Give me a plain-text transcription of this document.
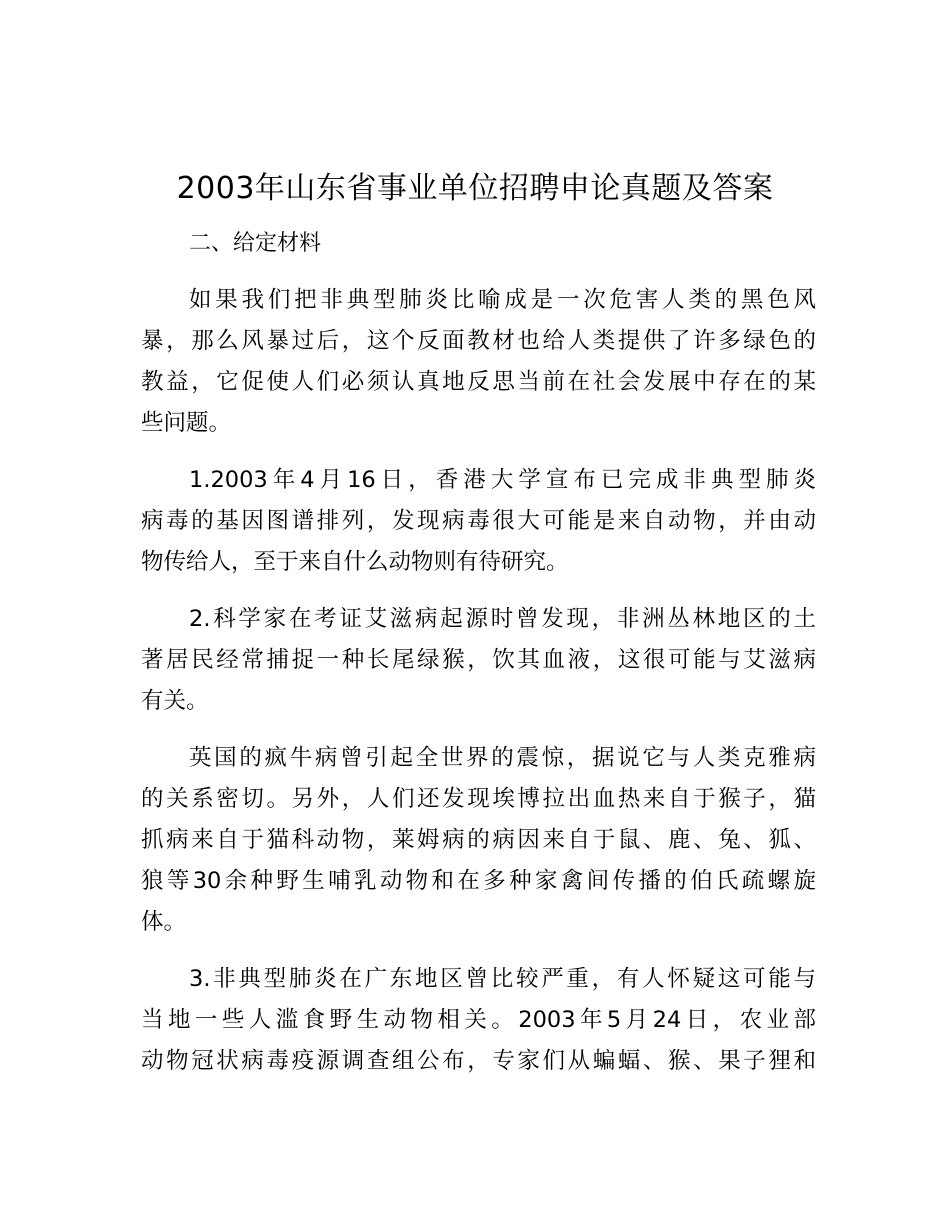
2003年山东省事业单位招聘申论真题及答案

二、给定材料

如果我们把非典型肺炎比喻成是一次危害人类的黑色风
暴，那么风暴过后，这个反面教材也给人类提供了许多绿色的
教益，它促使人们必须认真地反思当前在社会发展中存在的某
些问题。

1.2003年4月16日，香港大学宣布已完成非典型肺炎
病毒的基因图谱排列，发现病毒很大可能是来自动物，并由动
物传给人，至于来自什么动物则有待研究。

2.科学家在考证艾滋病起源时曾发现，非洲丛林地区的土
著居民经常捕捉一种长尾绿猴，饮其血液，这很可能与艾滋病
有关。

英国的疯牛病曾引起全世界的震惊，据说它与人类克雅病
的关系密切。另外，人们还发现埃博拉出血热来自于猴子，猫
抓病来自于猫科动物，莱姆病的病因来自于鼠、鹿、兔、狐、
狼等30余种野生哺乳动物和在多种家禽间传播的伯氏疏螺旋
体。

3.非典型肺炎在广东地区曾比较严重，有人怀疑这可能与
当地一些人滥食野生动物相关。2003年5月24日，农业部
动物冠状病毒疫源调查组公布，专家们从蝙蝠、猴、果子狸和
